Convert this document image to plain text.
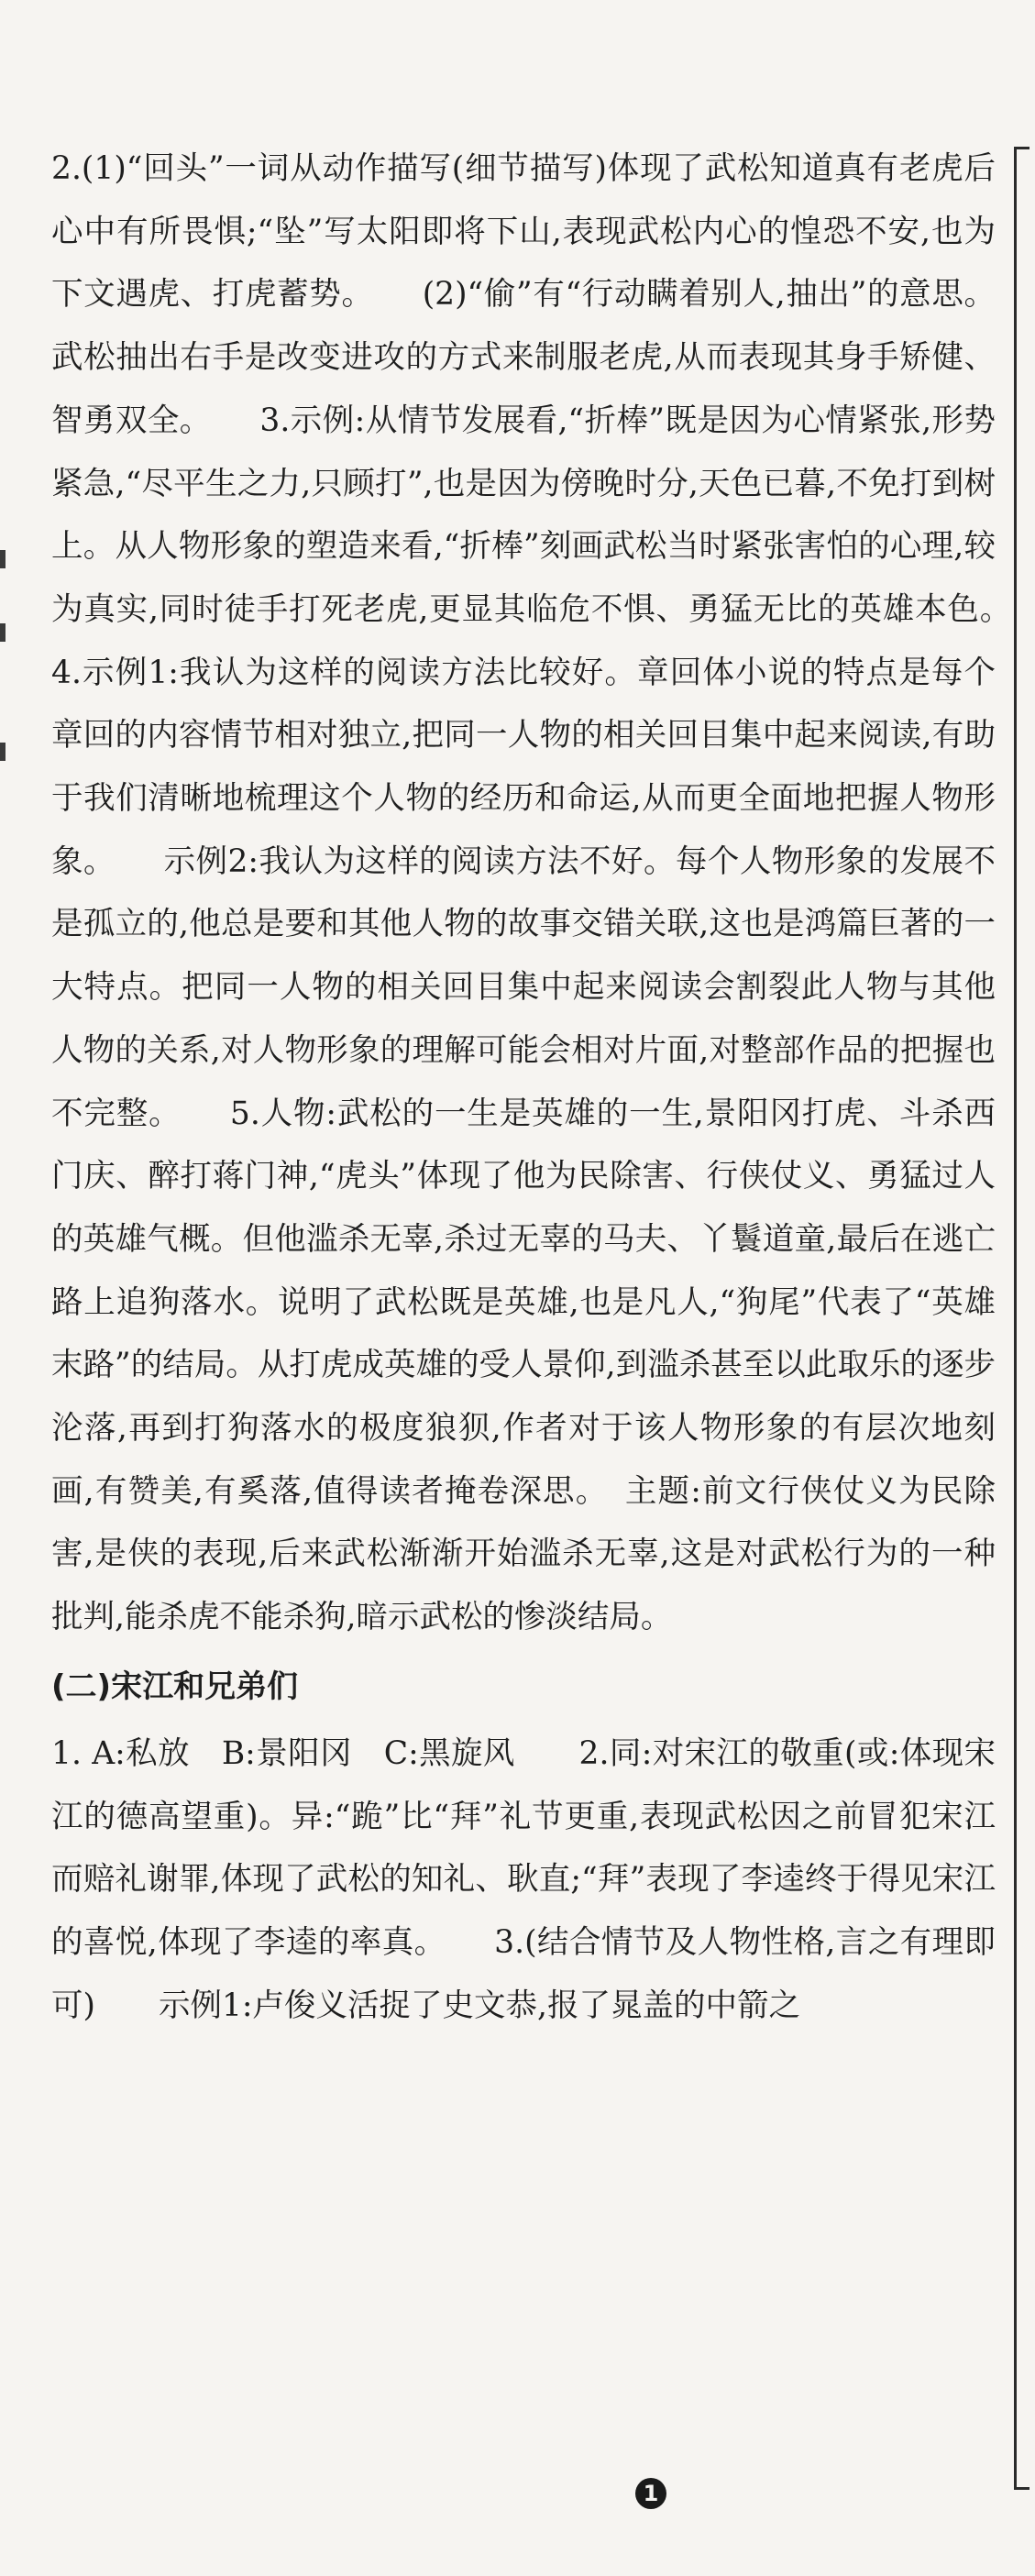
2.(1)“回头”一词从动作描写(细节描写)体现了武松知道真有老虎后心中有所畏惧;“坠”写太阳即将下山,表现武松内心的惶恐不安,也为下文遇虎、打虎蓄势。　　(2)“偷”有“行动瞒着别人,抽出”的意思。武松抽出右手是改变进攻的方式来制服老虎,从而表现其身手矫健、智勇双全。　　3.示例:从情节发展看,“折棒”既是因为心情紧张,形势紧急,“尽平生之力,只顾打”,也是因为傍晚时分,天色已暮,不免打到树上。从人物形象的塑造来看,“折棒”刻画武松当时紧张害怕的心理,较为真实,同时徒手打死老虎,更显其临危不惧、勇猛无比的英雄本色。　4.示例1:我认为这样的阅读方法比较好。章回体小说的特点是每个章回的内容情节相对独立,把同一人物的相关回目集中起来阅读,有助于我们清晰地梳理这个人物的经历和命运,从而更全面地把握人物形象。　　示例2:我认为这样的阅读方法不好。每个人物形象的发展不是孤立的,他总是要和其他人物的故事交错关联,这也是鸿篇巨著的一大特点。把同一人物的相关回目集中起来阅读会割裂此人物与其他人物的关系,对人物形象的理解可能会相对片面,对整部作品的把握也不完整。　　5.人物:武松的一生是英雄的一生,景阳冈打虎、斗杀西门庆、醉打蒋门神,“虎头”体现了他为民除害、行侠仗义、勇猛过人的英雄气概。但他滥杀无辜,杀过无辜的马夫、丫鬟道童,最后在逃亡路上追狗落水。说明了武松既是英雄,也是凡人,“狗尾”代表了“英雄末路”的结局。从打虎成英雄的受人景仰,到滥杀甚至以此取乐的逐步沦落,再到打狗落水的极度狼狈,作者对于该人物形象的有层次地刻画,有赞美,有奚落,值得读者掩卷深思。　主题:前文行侠仗义为民除害,是侠的表现,后来武松渐渐开始滥杀无辜,这是对武松行为的一种批判,能杀虎不能杀狗,暗示武松的惨淡结局。

(二)宋江和兄弟们

1. A:私放　B:景阳冈　C:黑旋风　　2.同:对宋江的敬重(或:体现宋江的德高望重)。异:“跪”比“拜”礼节更重,表现武松因之前冒犯宋江而赔礼谢罪,体现了武松的知礼、耿直;“拜”表现了李逵终于得见宋江的喜悦,体现了李逵的率真。　　3.(结合情节及人物性格,言之有理即可)　　示例1:卢俊义活捉了史文恭,报了晁盖的中箭之

1
